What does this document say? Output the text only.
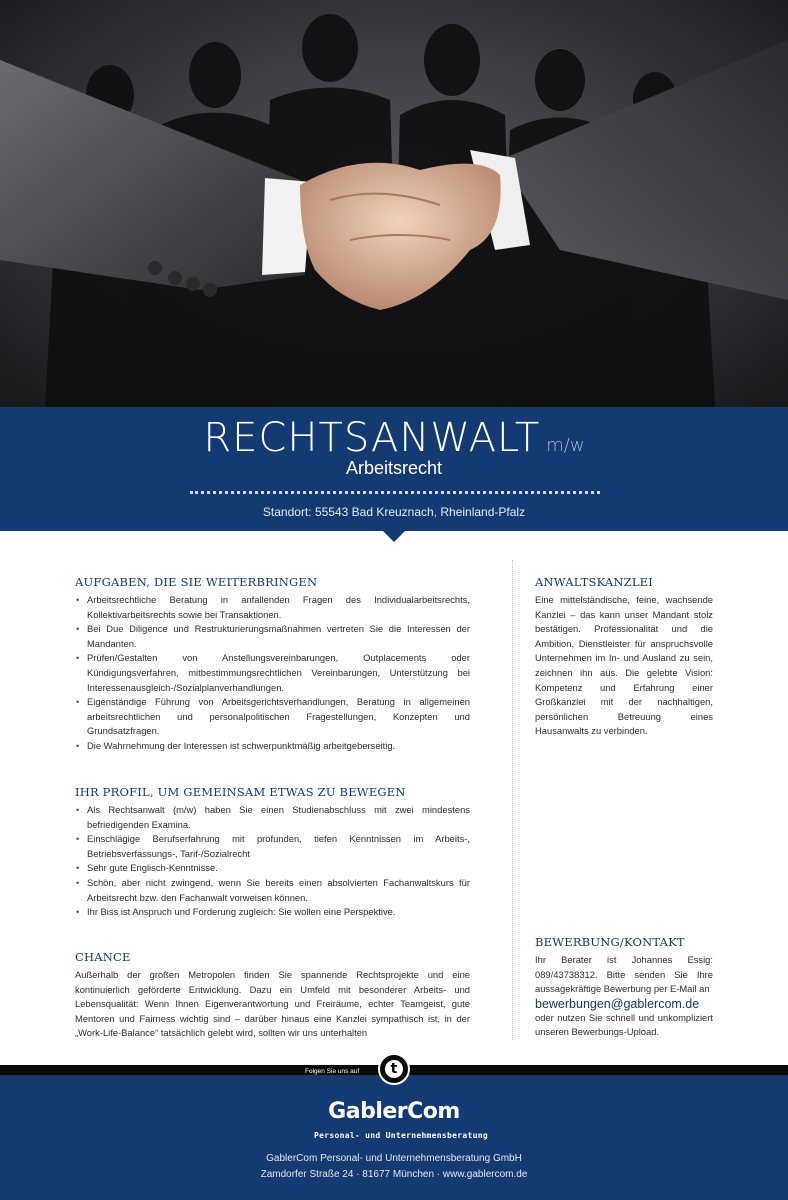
RECHTSANWALT m/w
Arbeitsrecht
Standort: 55543 Bad Kreuznach, Rheinland-Pfalz
AUFGABEN, DIE SIE WEITERBRINGEN
• Arbeitsrechtliche Beratung in anfallenden Fragen des Individualarbeitsrechts, Kollektivarbeitsrechts sowie bei Transaktionen.
• Bei Due Diligence und Restrukturierungsmaßnahmen vertreten Sie die Interessen der Mandanten.
• Prüfen/Gestalten von Anstellungsvereinbarungen, Outplacements oder Kündigungsverfahren, mitbestimmungsrechtlichen Vereinbarungen, Unterstützung bei Interessenausgleich-/Sozialplanverhandlungen.
• Eigenständige Führung von Arbeitsgerichtsverhandlungen, Beratung in allgemeinen arbeitsrechtlichen und personalpolitischen Fragestellungen, Konzepten und Grundsatzfragen.
• Die Wahrnehmung der Interessen ist schwerpunktmäßig arbeitgeberseitig.
IHR PROFIL, UM GEMEINSAM ETWAS ZU BEWEGEN
• Als Rechtsanwalt (m/w) haben Sie einen Studienabschluss mit zwei mindestens befriedigenden Examina.
• Einschlägige Berufserfahrung mit profunden, tiefen Kenntnissen im Arbeits-, Betriebsverfassungs-, Tarif-/Sozialrecht
• Sehr gute Englisch-Kenntnisse.
• Schön, aber nicht zwingend, wenn Sie bereits einen absolvierten Fachanwaltskurs für Arbeitsrecht bzw. den Fachanwalt vorweisen können.
• Ihr Biss ist Anspruch und Forderung zugleich: Sie wollen eine Perspektive.
CHANCE
Außerhalb der großen Metropolen finden Sie spannende Rechtsprojekte und eine kontinuierlich geförderte Entwicklung. Dazu ein Umfeld mit besonderer Arbeits- und Lebensqualität: Wenn Ihnen Eigenverantwortung und Freiräume, echter Teamgeist, gute Mentoren und Fairness wichtig sind – darüber hinaus eine Kanzlei sympathisch ist, in der „Work-Life-Balance“ tatsächlich gelebt wird, sollten wir uns unterhalten
ANWALTSKANZLEI
Eine mittelständische, feine, wachsende Kanzlei – das kann unser Mandant stolz bestätigen. Professionalität und die Ambition, Dienstleister für anspruchsvolle Unternehmen im In- und Ausland zu sein, zeichnen ihn aus. Die gelebte Vision: Kompetenz und Erfahrung einer Großkanzlei mit der nachhaltigen, persönlichen Betreuung eines Hausanwalts zu verbinden.
BEWERBUNG/KONTAKT
Ihr Berater ist Johannes Essig: 089/43738312. Bitte senden Sie Ihre aussagekräftige Bewerbung per E-Mail an
bewerbungen@gablercom.de
oder nutzen Sie schnell und unkompliziert unseren Bewerbungs-Upload.
GablerCom
Personal- und Unternehmensberatung
GablerCom Personal- und Unternehmensberatung GmbH
Zamdorfer Straße 24 · 81677 München · www.gablercom.de
Folgen Sie uns auf	t
